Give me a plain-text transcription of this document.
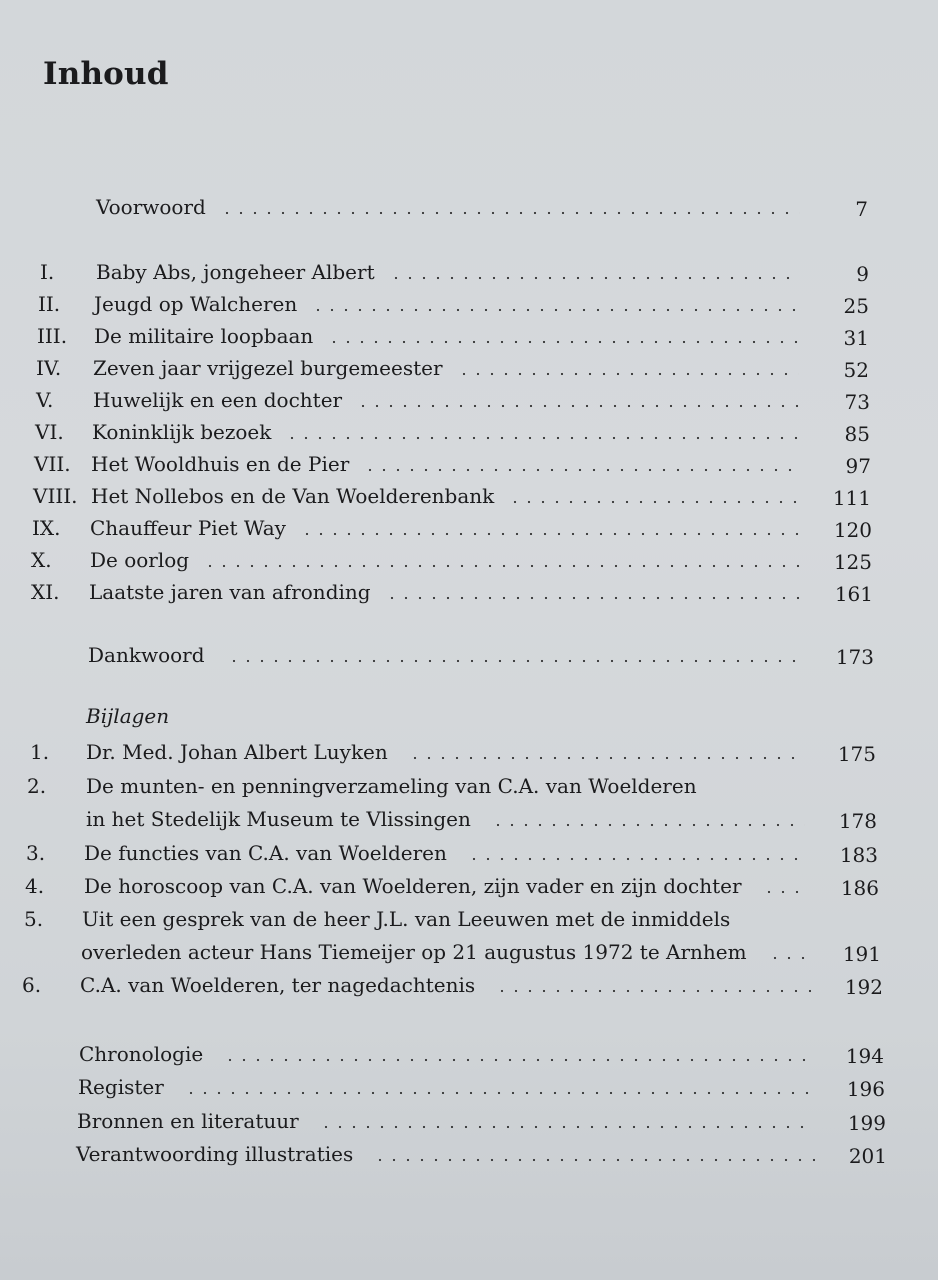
Inhoud
Voorwoord	7
I. Baby Abs, jongeheer Albert	9
II. Jeugd op Walcheren	25
III. De militaire loopbaan	31
IV. Zeven jaar vrijgezel burgemeester	52
V. Huwelijk en een dochter	73
VI. Koninklijk bezoek	85
VII. Het Wooldhuis en de Pier	97
VIII. Het Nollebos en de Van Woelderenbank	111
IX. Chauffeur Piet Way	120
X. De oorlog	125
XI. Laatste jaren van afronding	161
Dankwoord	173
Bijlagen
1. Dr. Med. Johan Albert Luyken	175
2. De munten- en penningverzameling van C.A. van Woelderen
in het Stedelijk Museum te Vlissingen	178
3. De functies van C.A. van Woelderen	183
4. De horoscoop van C.A. van Woelderen, zijn vader en zijn dochter	186
5. Uit een gesprek van de heer J.L. van Leeuwen met de inmiddels
overleden acteur Hans Tiemeijer op 21 augustus 1972 te Arnhem	191
6. C.A. van Woelderen, ter nagedachtenis	192
Chronologie	194
Register	196
Bronnen en literatuur	199
Verantwoording illustraties	201
